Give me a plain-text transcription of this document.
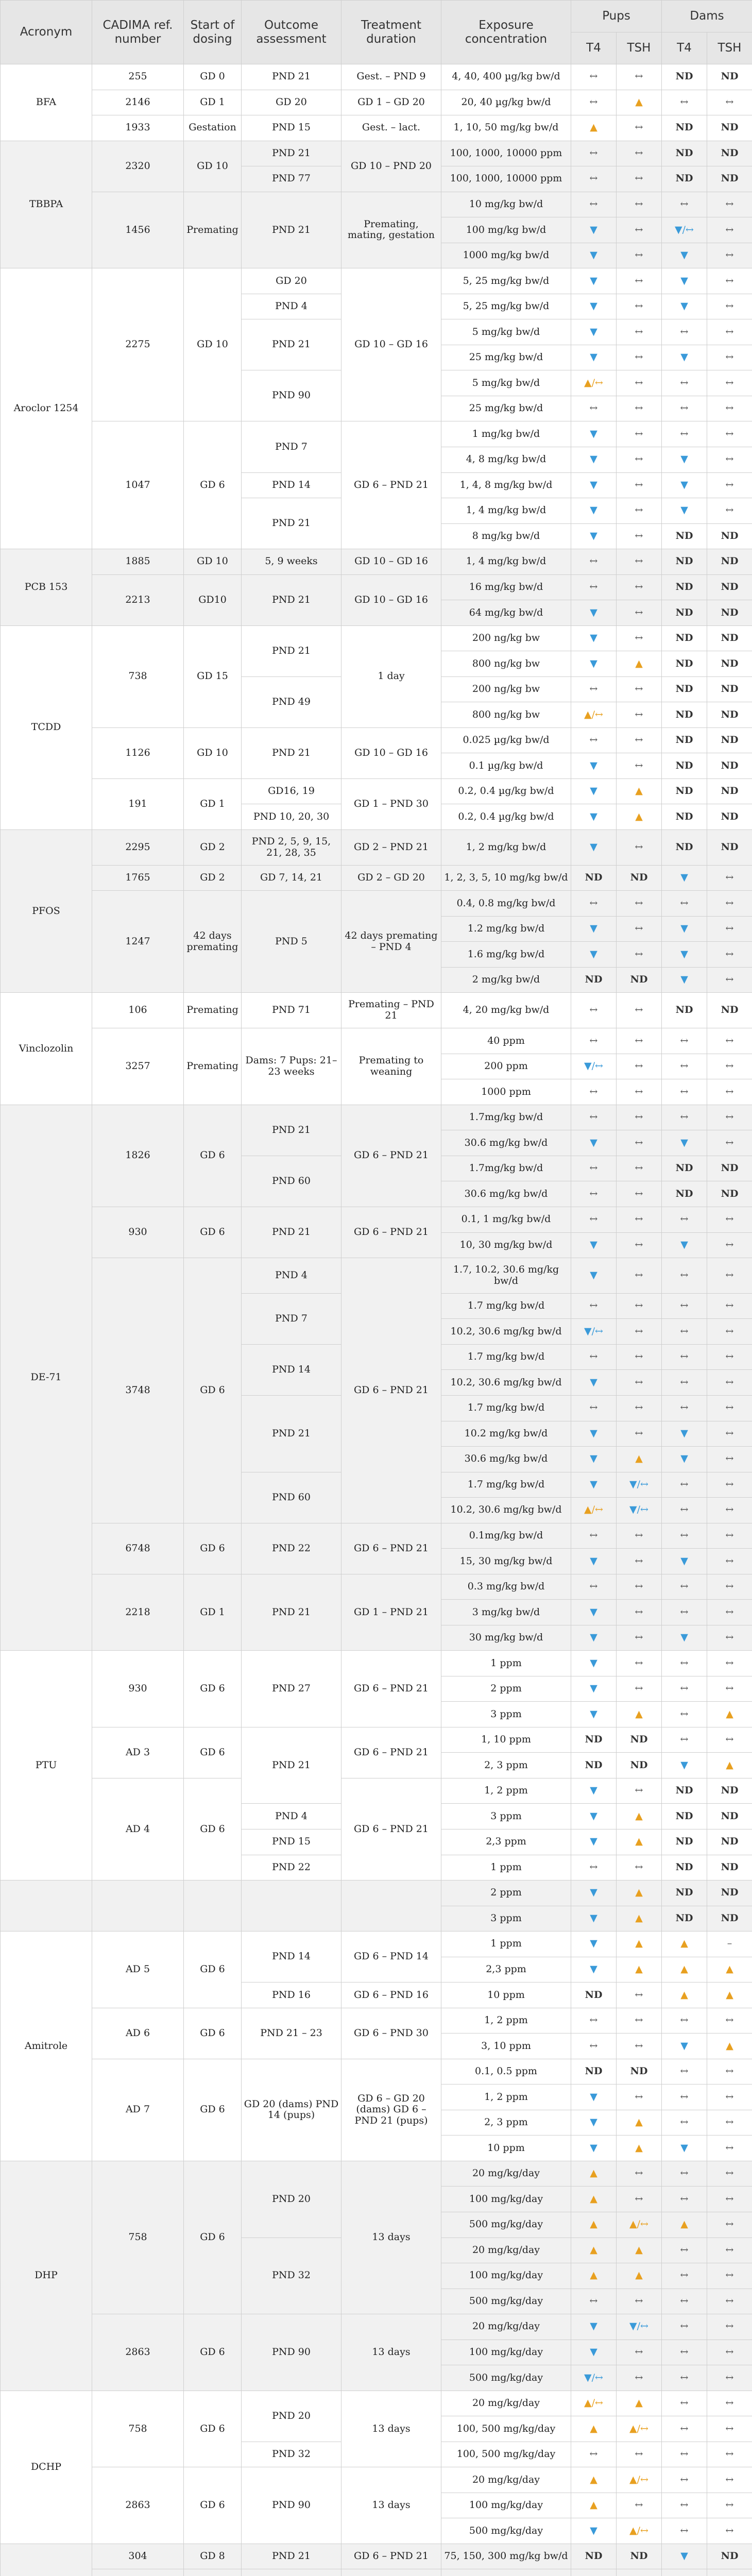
Acronym	CADIMA ref. number	Start of dosing	Outcome assessment	Treatment duration	Exposure concentration	Pups		Dams	
						T4	TSH	T4	TSH
BFA	255	GD 0	PND 21	Gest. – PND 9	4, 40, 400 µg/kg bw/d	↔	↔	ND	ND
	2146	GD 1	GD 20	GD 1 – GD 20	20, 40 µg/kg bw/d	↔	▲	↔	↔
	1933	Gestation	PND 15	Gest. – lact.	1, 10, 50 mg/kg bw/d	▲	↔	ND	ND
TBBPA	2320	GD 10	PND 21	GD 10 – PND 20	100, 1000, 10000 ppm	↔	↔	ND	ND
			PND 77		100, 1000, 10000 ppm	↔	↔	ND	ND
	1456	Premating	PND 21	Premating, mating, gestation	10 mg/kg bw/d	↔	↔	↔	↔
					100 mg/kg bw/d	▼	↔	▼/↔	↔
					1000 mg/kg bw/d	▼	↔	▼	↔
Aroclor 1254	2275	GD 10	GD 20	GD 10 – GD 16	5, 25 mg/kg bw/d	▼	↔	▼	↔
			PND 4		5, 25 mg/kg bw/d	▼	↔	▼	↔
			PND 21		5 mg/kg bw/d	▼	↔	↔	↔
					25 mg/kg bw/d	▼	↔	▼	↔
			PND 90		5 mg/kg bw/d	▲/↔	↔	↔	↔
					25 mg/kg bw/d	↔	↔	↔	↔
	1047	GD 6	PND 7	GD 6 – PND 21	1 mg/kg bw/d	▼	↔	↔	↔
					4, 8 mg/kg bw/d	▼	↔	▼	↔
			PND 14		1, 4, 8 mg/kg bw/d	▼	↔	▼	↔
			PND 21		1, 4 mg/kg bw/d	▼	↔	▼	↔
					8 mg/kg bw/d	▼	↔	ND	ND
PCB 153	1885	GD 10	5, 9 weeks	GD 10 – GD 16	1, 4 mg/kg bw/d	↔	↔	ND	ND
	2213	GD10	PND 21	GD 10 – GD 16	16 mg/kg bw/d	↔	↔	ND	ND
					64 mg/kg bw/d	▼	↔	ND	ND
TCDD	738	GD 15	PND 21	1 day	200 ng/kg bw	▼	↔	ND	ND
					800 ng/kg bw	▼	▲	ND	ND
			PND 49		200 ng/kg bw	↔	↔	ND	ND
					800 ng/kg bw	▲/↔	↔	ND	ND
	1126	GD 10	PND 21	GD 10 – GD 16	0.025 µg/kg bw/d	↔	↔	ND	ND
					0.1 µg/kg bw/d	▼	↔	ND	ND
	191	GD 1	GD16, 19	GD 1 – PND 30	0.2, 0.4 µg/kg bw/d	▼	▲	ND	ND
			PND 10, 20, 30		0.2, 0.4 µg/kg bw/d	▼	▲	ND	ND
PFOS	2295	GD 2	PND 2, 5, 9, 15, 21, 28, 35	GD 2 – PND 21	1, 2 mg/kg bw/d	▼	↔	ND	ND
	1765	GD 2	GD 7, 14, 21	GD 2 – GD 20	1, 2, 3, 5, 10 mg/kg bw/d	ND	ND	▼	↔
	1247	42 days premating	PND 5	42 days premating – PND 4	0.4, 0.8 mg/kg bw/d	↔	↔	↔	↔
					1.2 mg/kg bw/d	▼	↔	▼	↔
					1.6 mg/kg bw/d	▼	↔	▼	↔
					2 mg/kg bw/d	ND	ND	▼	↔
Vinclozolin	106	Premating	PND 71	Premating – PND 21	4, 20 mg/kg bw/d	↔	↔	ND	ND
	3257	Premating	Dams: 7 Pups: 21–23 weeks	Premating to weaning	40 ppm	↔	↔	↔	↔
					200 ppm	▼/↔	↔	↔	↔
					1000 ppm	↔	↔	↔	↔
DE-71	1826	GD 6	PND 21	GD 6 – PND 21	1.7mg/kg bw/d	↔	↔	↔	↔
					30.6 mg/kg bw/d	▼	↔	▼	↔
			PND 60		1.7mg/kg bw/d	↔	↔	ND	ND
					30.6 mg/kg bw/d	↔	↔	ND	ND
	930	GD 6	PND 21	GD 6 – PND 21	0.1, 1 mg/kg bw/d	↔	↔	↔	↔
					10, 30 mg/kg bw/d	▼	↔	▼	↔
	3748	GD 6	PND 4	GD 6 – PND 21	1.7, 10.2, 30.6 mg/kg bw/d	▼	↔	↔	↔
			PND 7		1.7 mg/kg bw/d	↔	↔	↔	↔
					10.2, 30.6 mg/kg bw/d	▼/↔	↔	↔	↔
			PND 14		1.7 mg/kg bw/d	↔	↔	↔	↔
					10.2, 30.6 mg/kg bw/d	▼	↔	↔	↔
			PND 21		1.7 mg/kg bw/d	↔	↔	↔	↔
					10.2 mg/kg bw/d	▼	↔	▼	↔
					30.6 mg/kg bw/d	▼	▲	▼	↔
			PND 60		1.7 mg/kg bw/d	▼	▼/↔	↔	↔
					10.2, 30.6 mg/kg bw/d	▲/↔	▼/↔	↔	↔
	6748	GD 6	PND 22	GD 6 – PND 21	0.1mg/kg bw/d	↔	↔	↔	↔
					15, 30 mg/kg bw/d	▼	↔	▼	↔
	2218	GD 1	PND 21	GD 1 – PND 21	0.3 mg/kg bw/d	↔	↔	↔	↔
					3 mg/kg bw/d	▼	↔	↔	↔
					30 mg/kg bw/d	▼	↔	▼	↔
PTU	930	GD 6	PND 27	GD 6 – PND 21	1 ppm	▼	↔	↔	↔
					2 ppm	▼	↔	↔	↔
					3 ppm	▼	▲	↔	▲
	AD 3	GD 6	PND 21	GD 6 – PND 21	1, 10 ppm	ND	ND	↔	↔
					2, 3 ppm	ND	ND	▼	▲
	AD 4	GD 6		GD 6 – PND 21	1, 2 ppm	▼	↔	ND	ND
			PND 4		3 ppm	▼	▲	ND	ND
			PND 15		2,3 ppm	▼	▲	ND	ND
			PND 22		1 ppm	↔	↔	ND	ND
					2 ppm	▼	▲	ND	ND
					3 ppm	▼	▲	ND	ND
Amitrole	AD 5	GD 6	PND 14	GD 6 – PND 14	1 ppm	▼	▲	▲	–
					2,3 ppm	▼	▲	▲	▲
			PND 16	GD 6 – PND 16	10 ppm	ND	↔	▲	▲
	AD 6	GD 6	PND 21 – 23	GD 6 – PND 30	1, 2 ppm	↔	↔	↔	↔
					3, 10 ppm	↔	↔	▼	▲
	AD 7	GD 6	GD 20 (dams) PND 14 (pups)	GD 6 – GD 20 (dams) GD 6 – PND 21 (pups)	0.1, 0.5 ppm	ND	ND	↔	↔
					1, 2 ppm	▼	↔	↔	↔
					2, 3 ppm	▼	▲	↔	↔
					10 ppm	▼	▲	▼	↔
DHP	758	GD 6	PND 20	13 days	20 mg/kg/day	▲	↔	↔	↔
					100 mg/kg/day	▲	↔	↔	↔
					500 mg/kg/day	▲	▲/↔	▲	↔
			PND 32		20 mg/kg/day	▲	▲	↔	↔
					100 mg/kg/day	▲	▲	↔	↔
					500 mg/kg/day	↔	↔	↔	↔
	2863	GD 6	PND 90	13 days	20 mg/kg/day	▼	▼/↔	↔	↔
					100 mg/kg/day	▼	↔	↔	↔
					500 mg/kg/day	▼/↔	↔	↔	↔
DCHP	758	GD 6	PND 20	13 days	20 mg/kg/day	▲/↔	▲	↔	↔
					100, 500 mg/kg/day	▲	▲/↔	↔	↔
			PND 32		100, 500 mg/kg/day	↔	↔	↔	↔
	2863	GD 6	PND 90	13 days	20 mg/kg/day	▲	▲/↔	↔	↔
					100 mg/kg/day	▲	↔	↔	↔
					500 mg/kg/day	▼	▲/↔	↔	↔
	304	GD 8	PND 21	GD 6 – PND 21	75, 150, 300 mg/kg bw/d	ND	ND	▼	ND
